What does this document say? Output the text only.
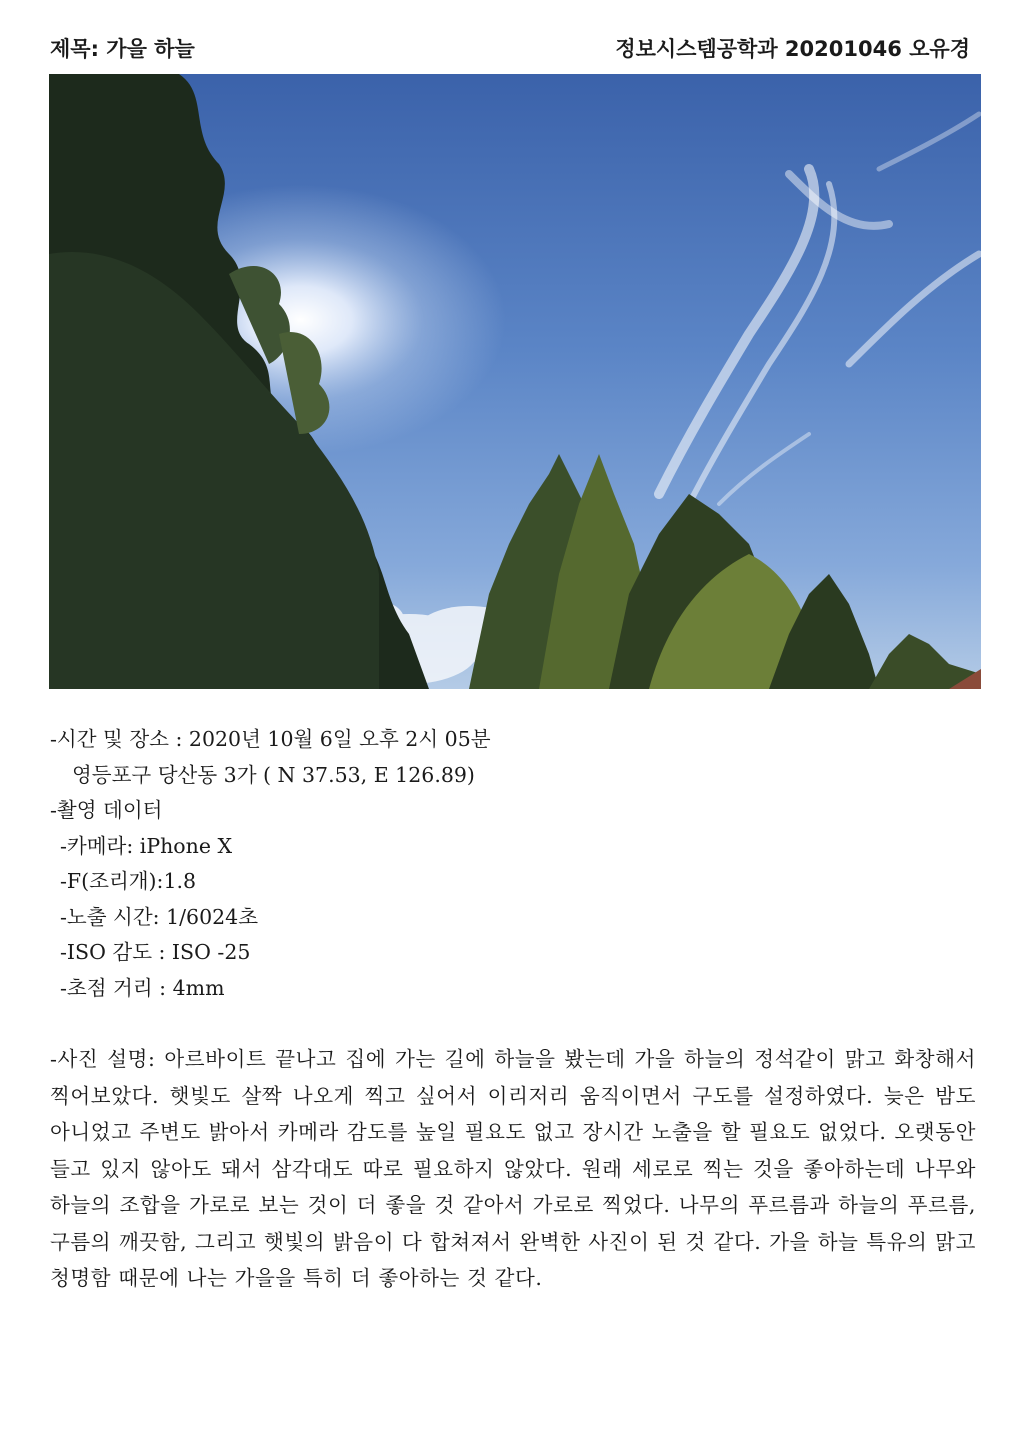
제목: 가을 하늘	정보시스템공학과 20201046 오유경
-시간 및 장소 : 2020년 10월 6일 오후 2시 05분
영등포구 당산동 3가 ( N 37.53, E 126.89)
-촬영 데이터
-카메라: iPhone X
-F(조리개):1.8
-노출 시간: 1/6024초
-ISO 감도 : ISO -25
-초점 거리 : 4mm
-사진 설명: 아르바이트 끝나고 집에 가는 길에 하늘을 봤는데 가을 하늘의 정석같이 맑고 화창해서 찍어보았다. 햇빛도 살짝 나오게 찍고 싶어서 이리저리 움직이면서 구도를 설정하였다. 늦은 밤도 아니었고 주변도 밝아서 카메라 감도를 높일 필요도 없고 장시간 노출을 할 필요도 없었다. 오랫동안 들고 있지 않아도 돼서 삼각대도 따로 필요하지 않았다. 원래 세로로 찍는 것을 좋아하는데 나무와 하늘의 조합을 가로로 보는 것이 더 좋을 것 같아서 가로로 찍었다. 나무의 푸르름과 하늘의 푸르름, 구름의 깨끗함, 그리고 햇빛의 밝음이 다 합쳐져서 완벽한 사진이 된 것 같다. 가을 하늘 특유의 맑고 청명함 때문에 나는 가을을 특히 더 좋아하는 것 같다.
